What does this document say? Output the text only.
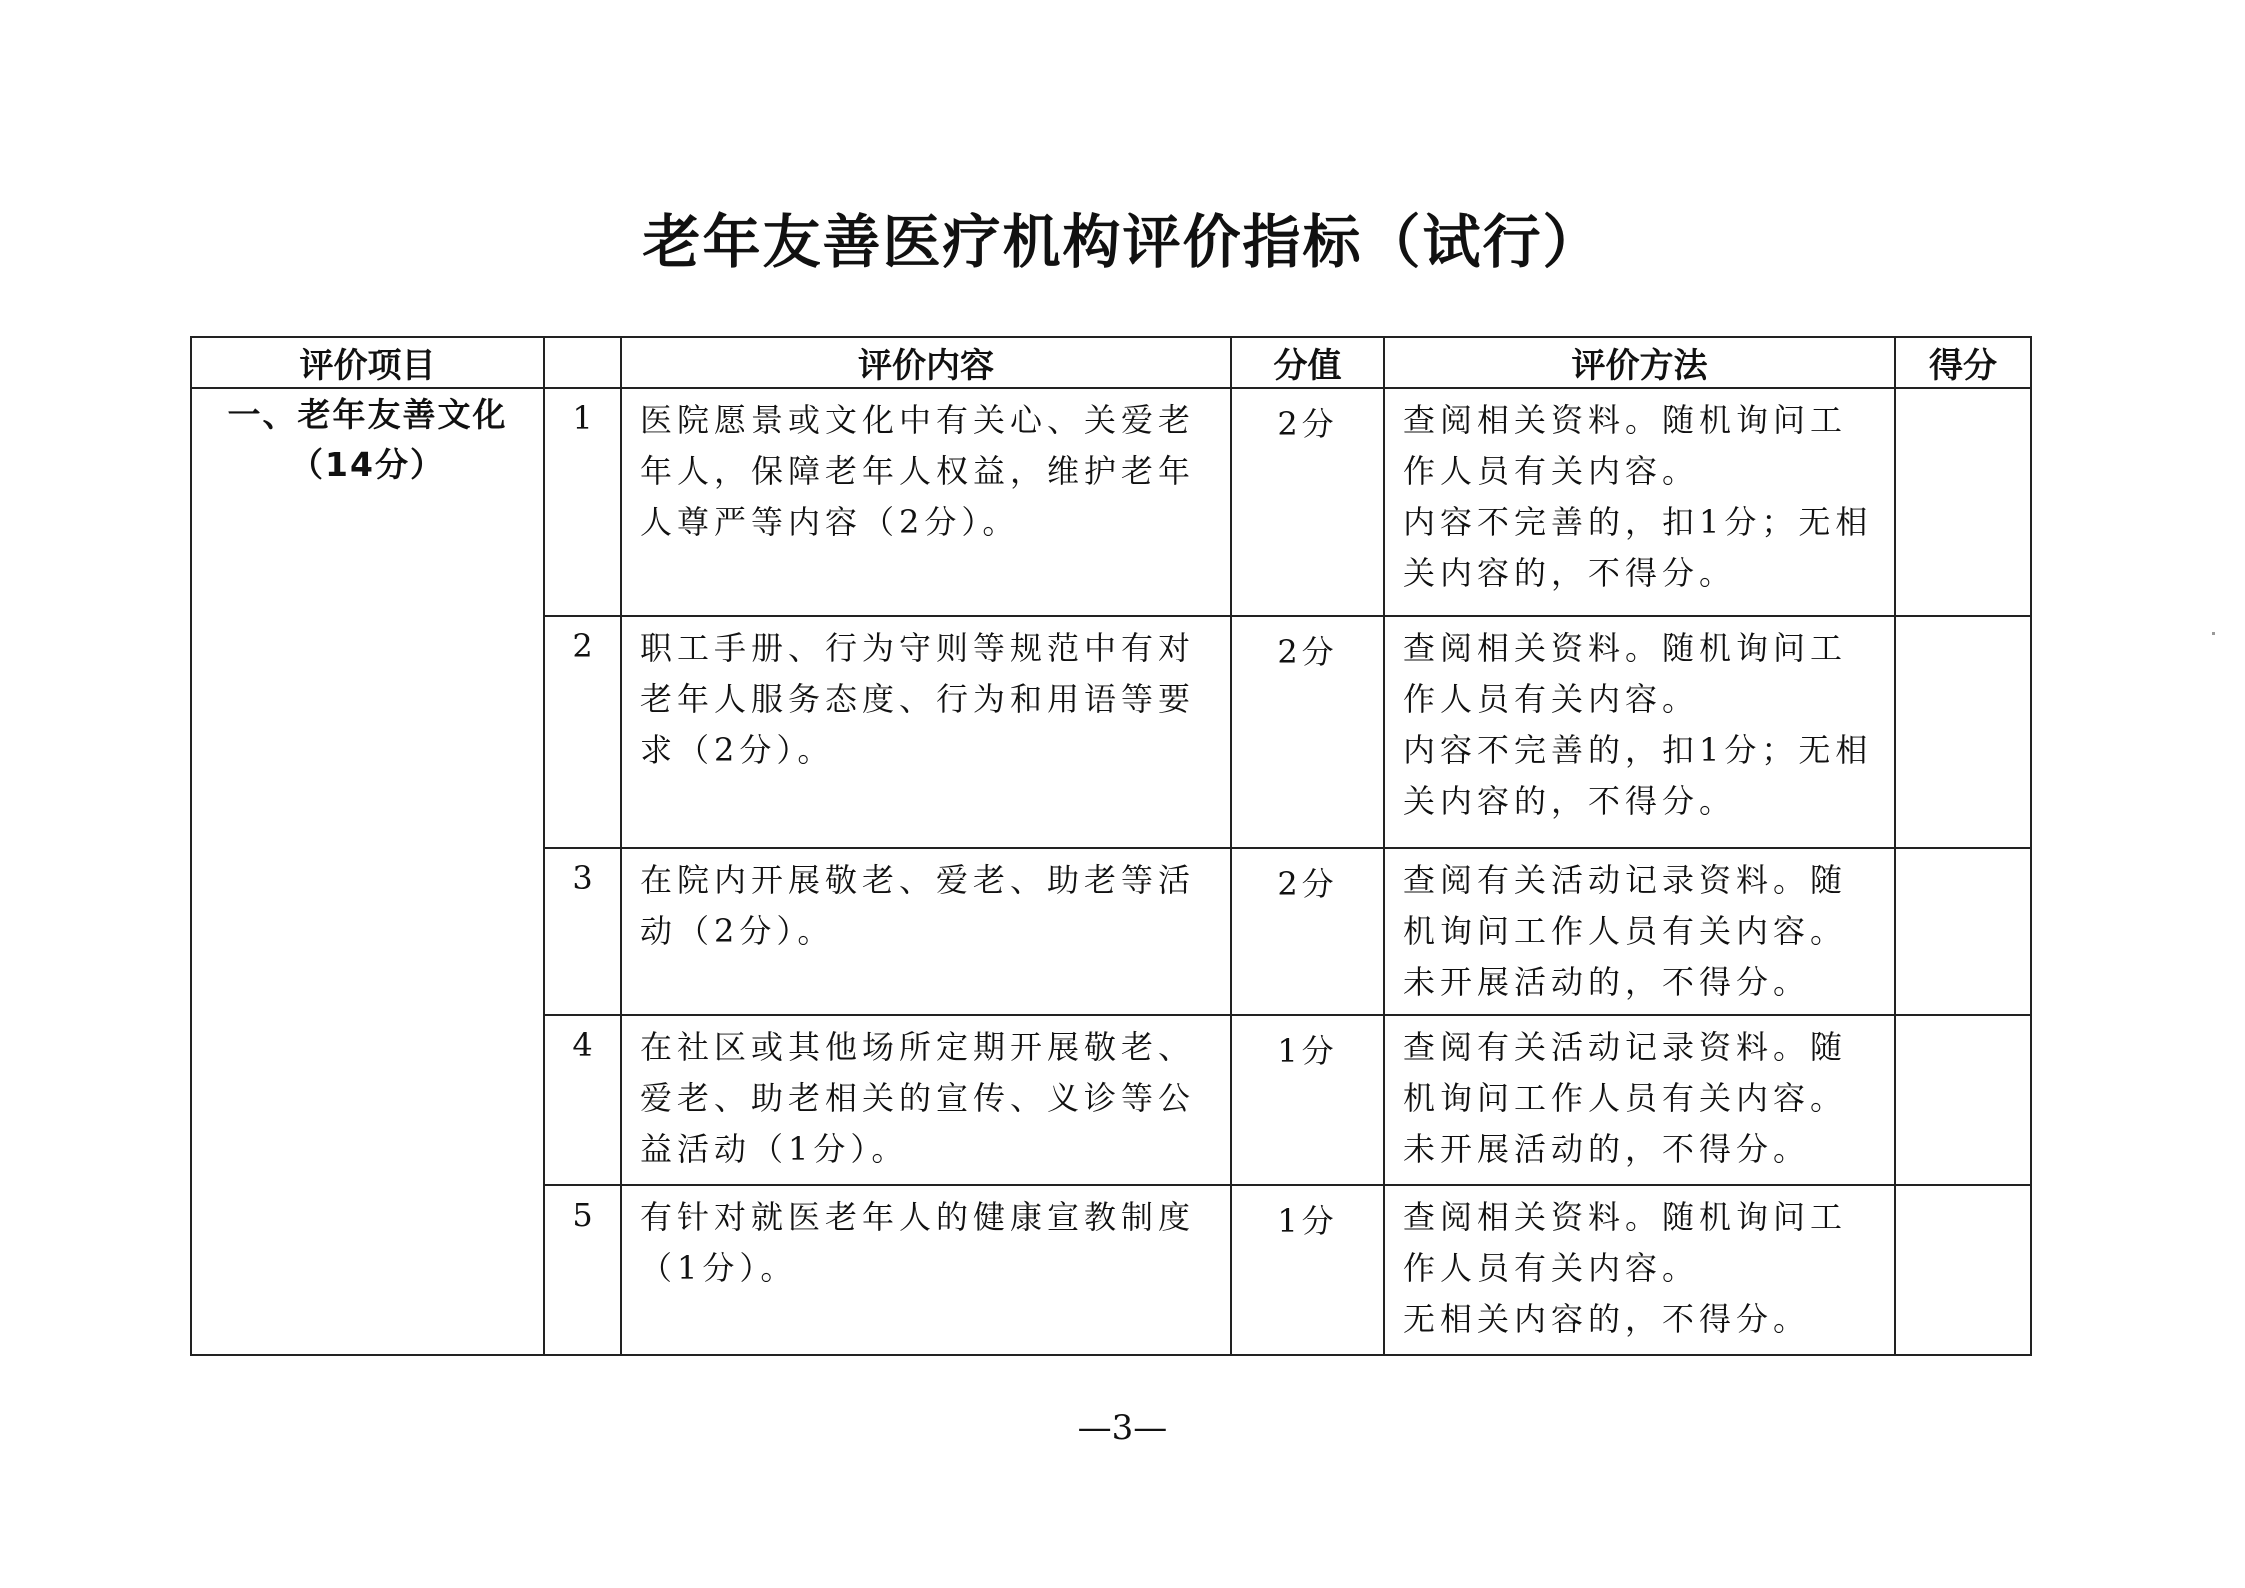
老年友善医疗机构评价指标（试行）
评价项目		评价内容	分值	评价方法	得分

一、老年友善文化
（14分）	1	医院愿景或文化中有关心、关爱老年人，保障老年人权益，维护老年人尊严等内容（2分）。	2分	查阅相关资料。随机询问工作人员有关内容。
内容不完善的，扣1分；无相关内容的，不得分。	

	2	职工手册、行为守则等规范中有对老年人服务态度、行为和用语等要求（2分）。	2分	查阅相关资料。随机询问工作人员有关内容。
内容不完善的，扣1分；无相关内容的，不得分。	

	3	在院内开展敬老、爱老、助老等活动（2分）。	2分	查阅有关活动记录资料。随机询问工作人员有关内容。
未开展活动的，不得分。	

	4	在社区或其他场所定期开展敬老、爱老、助老相关的宣传、义诊等公益活动（1分）。	1分	查阅有关活动记录资料。随机询问工作人员有关内容。
未开展活动的，不得分。	

	5	有针对就医老年人的健康宣教制度（1分）。	1分	查阅相关资料。随机询问工作人员有关内容。
无相关内容的，不得分。	

—3—
